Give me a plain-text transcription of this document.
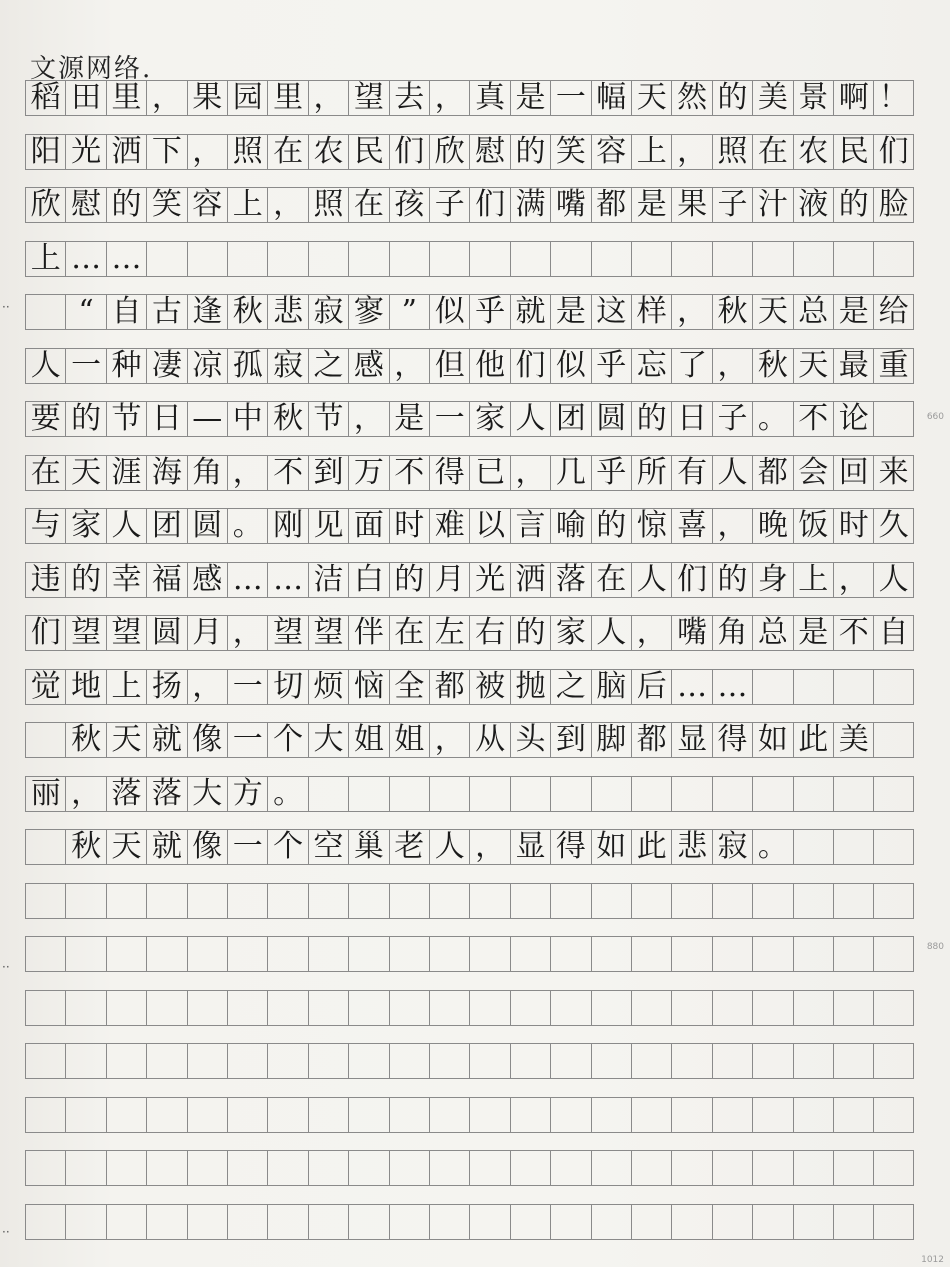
文源网络.
稻 田 里 ， 果 园 里 ， 望 去 ， 真 是 一 幅 天 然 的 美 景 啊 ！
阳 光 洒 下 ， 照 在 农 民 们 欣 慰 的 笑 容 上 ， 照 在 农 民 们
欣 慰 的 笑 容 上 ， 照 在 孩 子 们 满 嘴 都 是 果 子 汁 液 的 脸
上 … …
“ 自 古 逢 秋 悲 寂 寥 ” 似 乎 就 是 这 样 ， 秋 天 总 是 给
人 一 种 凄 凉 孤 寂 之 感 ， 但 他 们 似 乎 忘 了 ， 秋 天 最 重
要 的 节 日 — 中 秋 节 ， 是 一 家 人 团 圆 的 日 子 。 不 论
在 天 涯 海 角 ， 不 到 万 不 得 已 ， 几 乎 所 有 人 都 会 回 来
与 家 人 团 圆 。 刚 见 面 时 难 以 言 喻 的 惊 喜 ， 晚 饭 时 久
违 的 幸 福 感 … … 洁 白 的 月 光 洒 落 在 人 们 的 身 上 ， 人
们 望 望 圆 月 ， 望 望 伴 在 左 右 的 家 人 ， 嘴 角 总 是 不 自
觉 地 上 扬 ， 一 切 烦 恼 全 都 被 抛 之 脑 后 … …
秋 天 就 像 一 个 大 姐 姐 ， 从 头 到 脚 都 显 得 如 此 美
丽 ， 落 落 大 方 。
秋 天 就 像 一 个 空 巢 老 人 ， 显 得 如 此 悲 寂 。
660
880
1012
··
··
··
